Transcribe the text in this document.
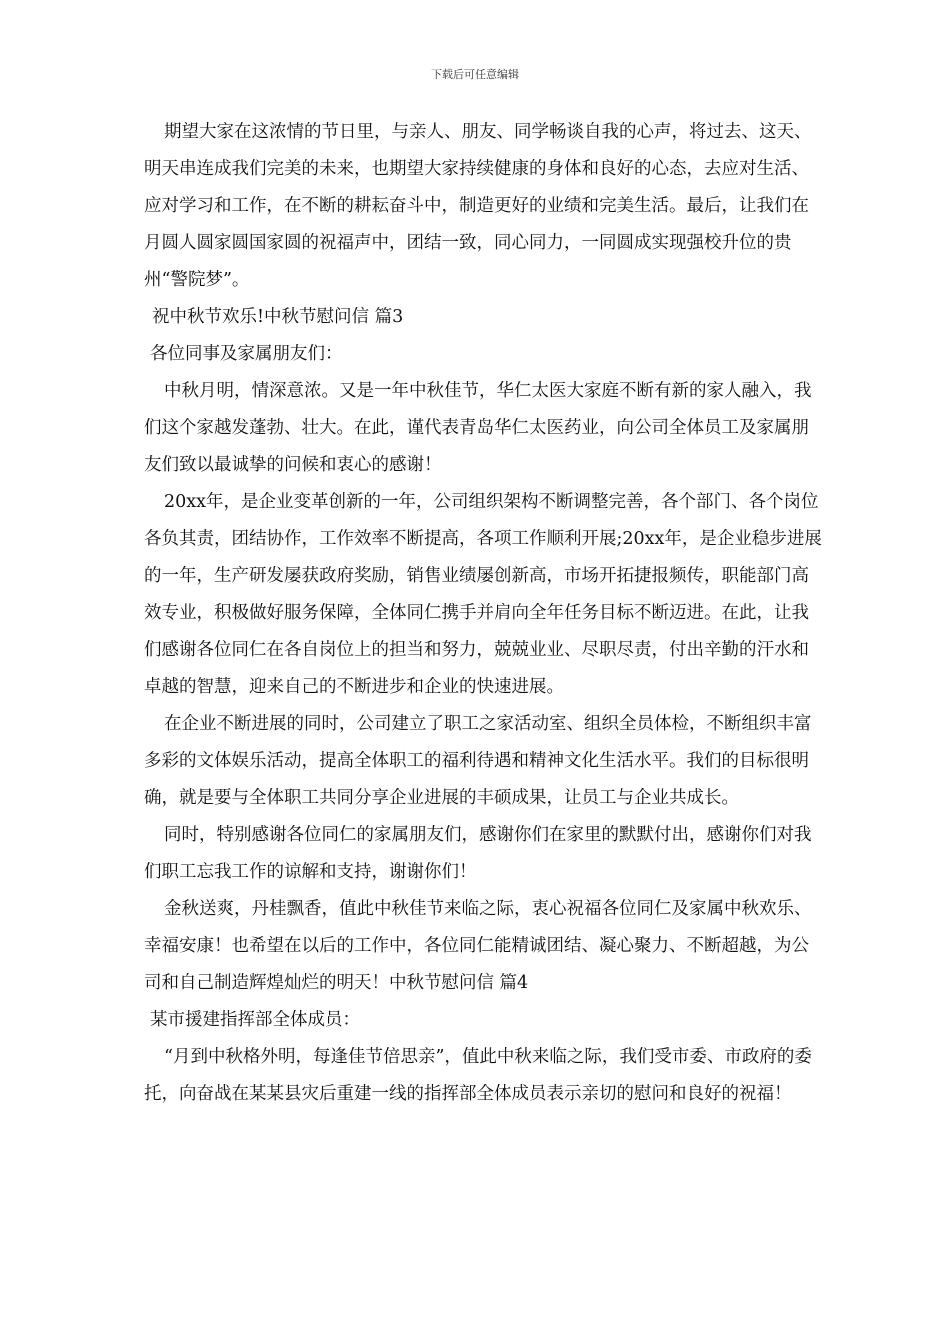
下载后可任意编辑

期望大家在这浓情的节日里，与亲人、朋友、同学畅谈自我的心声，将过去、这天、明天串连成我们完美的未来，也期望大家持续健康的身体和良好的心态，去应对生活、应对学习和工作，在不断的耕耘奋斗中，制造更好的业绩和完美生活。最后，让我们在月圆人圆家圆国家圆的祝福声中，团结一致，同心同力，一同圆成实现强校升位的贵州“警院梦”。

祝中秋节欢乐!中秋节慰问信 篇3

各位同事及家属朋友们：

中秋月明，情深意浓。又是一年中秋佳节，华仁太医大家庭不断有新的家人融入，我们这个家越发蓬勃、壮大。在此，谨代表青岛华仁太医药业，向公司全体员工及家属朋友们致以最诚挚的问候和衷心的感谢！

20xx年，是企业变革创新的一年，公司组织架构不断调整完善，各个部门、各个岗位各负其责，团结协作，工作效率不断提高，各项工作顺利开展;20xx年，是企业稳步进展的一年，生产研发屡获政府奖励，销售业绩屡创新高，市场开拓捷报频传，职能部门高效专业，积极做好服务保障，全体同仁携手并肩向全年任务目标不断迈进。在此，让我们感谢各位同仁在各自岗位上的担当和努力，兢兢业业、尽职尽责，付出辛勤的汗水和卓越的智慧，迎来自己的不断进步和企业的快速进展。

在企业不断进展的同时，公司建立了职工之家活动室、组织全员体检，不断组织丰富多彩的文体娱乐活动，提高全体职工的福利待遇和精神文化生活水平。我们的目标很明确，就是要与全体职工共同分享企业进展的丰硕成果，让员工与企业共成长。

同时，特别感谢各位同仁的家属朋友们，感谢你们在家里的默默付出，感谢你们对我们职工忘我工作的谅解和支持，谢谢你们！

金秋送爽，丹桂飘香，值此中秋佳节来临之际，衷心祝福各位同仁及家属中秋欢乐、幸福安康！也希望在以后的工作中，各位同仁能精诚团结、凝心聚力、不断超越，为公司和自己制造辉煌灿烂的明天！中秋节慰问信 篇4

某市援建指挥部全体成员：

“月到中秋格外明，每逢佳节倍思亲”，值此中秋来临之际，我们受市委、市政府的委托，向奋战在某某县灾后重建一线的指挥部全体成员表示亲切的慰问和良好的祝福！
